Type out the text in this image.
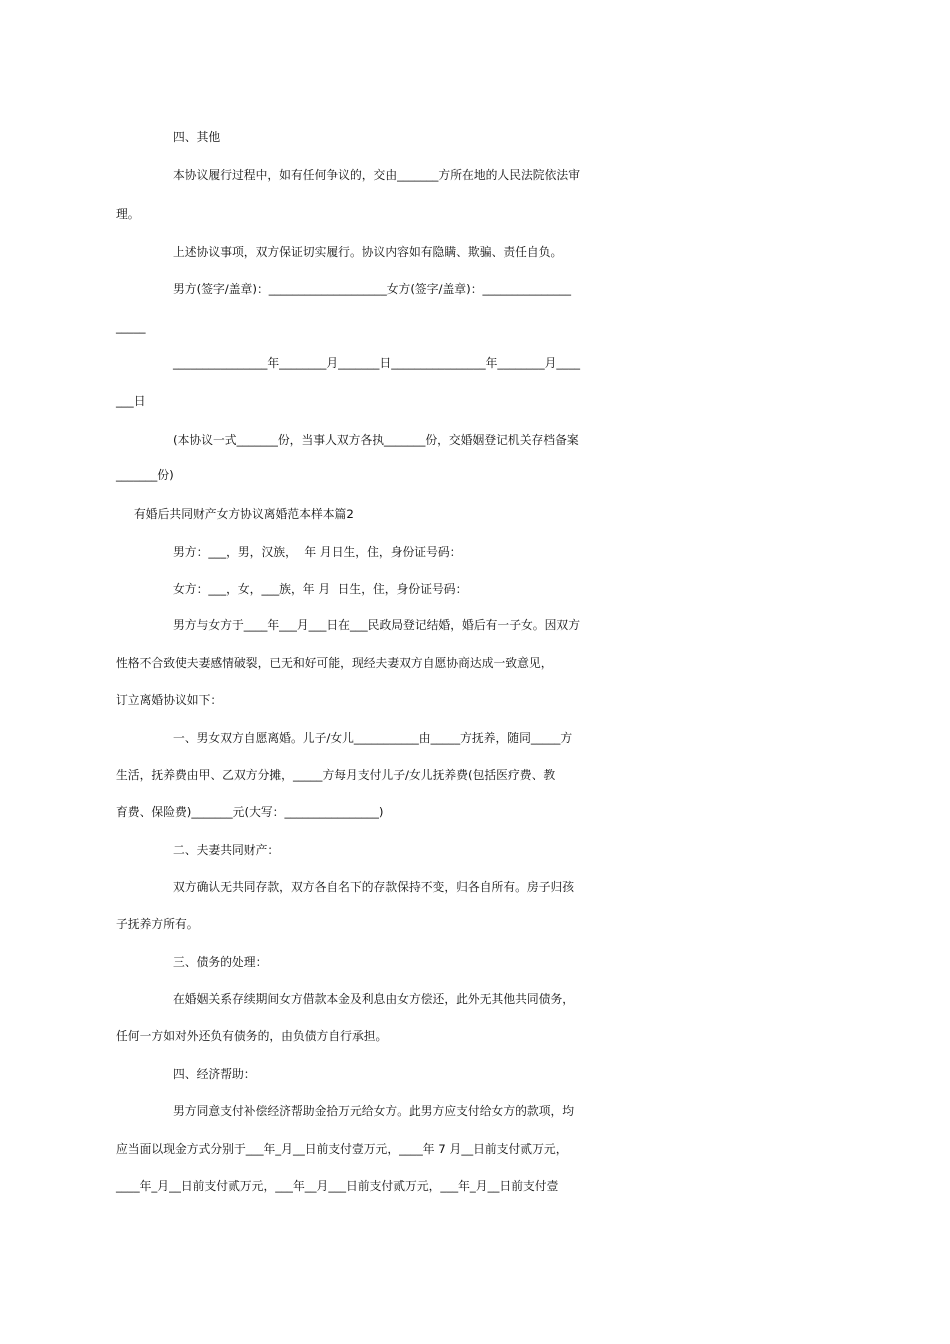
四、其他

本协议履行过程中，如有任何争议的，交由_______方所在地的人民法院依法审

理。

上述协议事项，双方保证切实履行。协议内容如有隐瞒、欺骗、责任自负。

男方(签字/盖章)：____________________女方(签字/盖章)：_______________

_____

________________年________月_______日________________年________月____

___日

(本协议一式_______份，当事人双方各执_______份，交婚姻登记机关存档备案

_______份)

有婚后共同财产女方协议离婚范本样本篇2

男方：___，男，汉族，  年 月日生，住，身份证号码：

女方：___，女，___族，年 月  日生，住，身份证号码：

男方与女方于____年___月___日在___民政局登记结婚，婚后有一子女。因双方

性格不合致使夫妻感情破裂，已无和好可能，现经夫妻双方自愿协商达成一致意见，

订立离婚协议如下：

一、男女双方自愿离婚。儿子/女儿___________由_____方抚养，随同_____方

生活，抚养费由甲、乙双方分摊，_____方每月支付儿子/女儿抚养费(包括医疗费、教

育费、保险费)_______元(大写：________________)

二、夫妻共同财产：

双方确认无共同存款，双方各自名下的存款保持不变，归各自所有。房子归孩

子抚养方所有。

三、债务的处理：

在婚姻关系存续期间女方借款本金及利息由女方偿还，此外无其他共同债务，

任何一方如对外还负有债务的，由负债方自行承担。

四、经济帮助：

男方同意支付补偿经济帮助金拾万元给女方。此男方应支付给女方的款项，均

应当面以现金方式分别于___年_月__日前支付壹万元，____年 7 月__日前支付贰万元，

____年_月__日前支付贰万元，___年__月___日前支付贰万元，___年_月__日前支付壹
